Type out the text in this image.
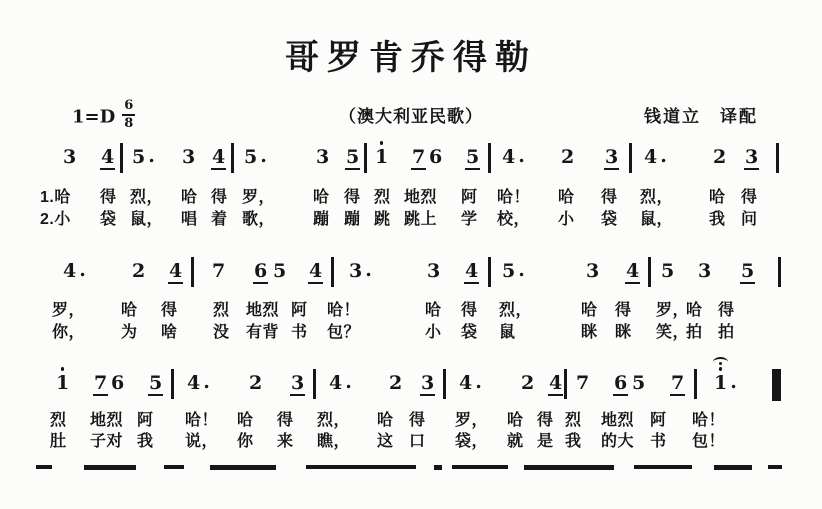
哥罗肯乔得勒
$1=D \frac{6}{8}$	（澳大利亚民歌）	钱道立　译配
3 4 5 . 3 4 5 .	3 5 1 7 6 5 4 . 2 3 4 . 2 3
1.哈 得 烈， 哈 得 罗， 哈 得 烈 地烈 阿 哈！ 哈 得 烈， 哈 得
2.小 袋 鼠， 唱 着 歌， 蹦 蹦 跳 跳上 学 校， 小 袋 鼠， 我 问
4 . 2 4 7 6 5 4 3 .	3 4 5 .	3 4 5 3 5
罗， 哈 得 烈 地烈 阿 哈！	哈 得 烈，	哈 得 罗，
哈 得
你， 为 啥 没 有背 书 包？	小 袋 鼠	眯 眯 笑，
拍 拍
1 7 6 5 4 . 2 3 4 . 2 3 4 . 2 4 7 6 5 7 1 .
烈 地烈 阿 哈！ 哈 得 烈， 哈 得 罗， 哈 得 烈 地烈 阿 哈！
肚 子对 我 说， 你 来 瞧， 这 口 袋， 就 是 我 的大 书 包！
